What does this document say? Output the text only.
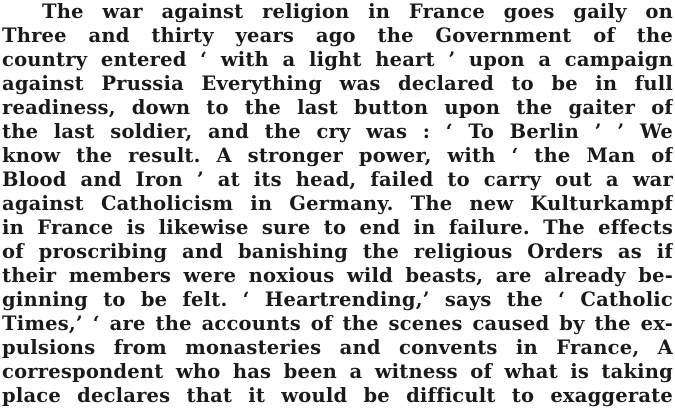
The war against religion in France goes gaily on
Three and thirty years ago the Government of the
country entered ‘ with a light heart ’ upon a campaign
against Prussia Everything was declared to be in full
readiness, down to the last button upon the gaiter of
the last soldier, and the cry was : ‘ To Berlin ’ ’ We
know the result. A stronger power, with ‘ the Man of
Blood and Iron ’ at its head, failed to carry out a war
against Catholicism in Germany. The new Kulturkampf
in France is likewise sure to end in failure. The effects
of proscribing and banishing the religious Orders as if
their members were noxious wild beasts, are already be-
ginning to be felt. ‘ Heartrending,’ says the ‘ Catholic
Times,’ ‘ are the accounts of the scenes caused by the ex-
pulsions from monasteries and convents in France, A
correspondent who has been a witness of what is taking
place declares that it would be difficult to exaggerate
